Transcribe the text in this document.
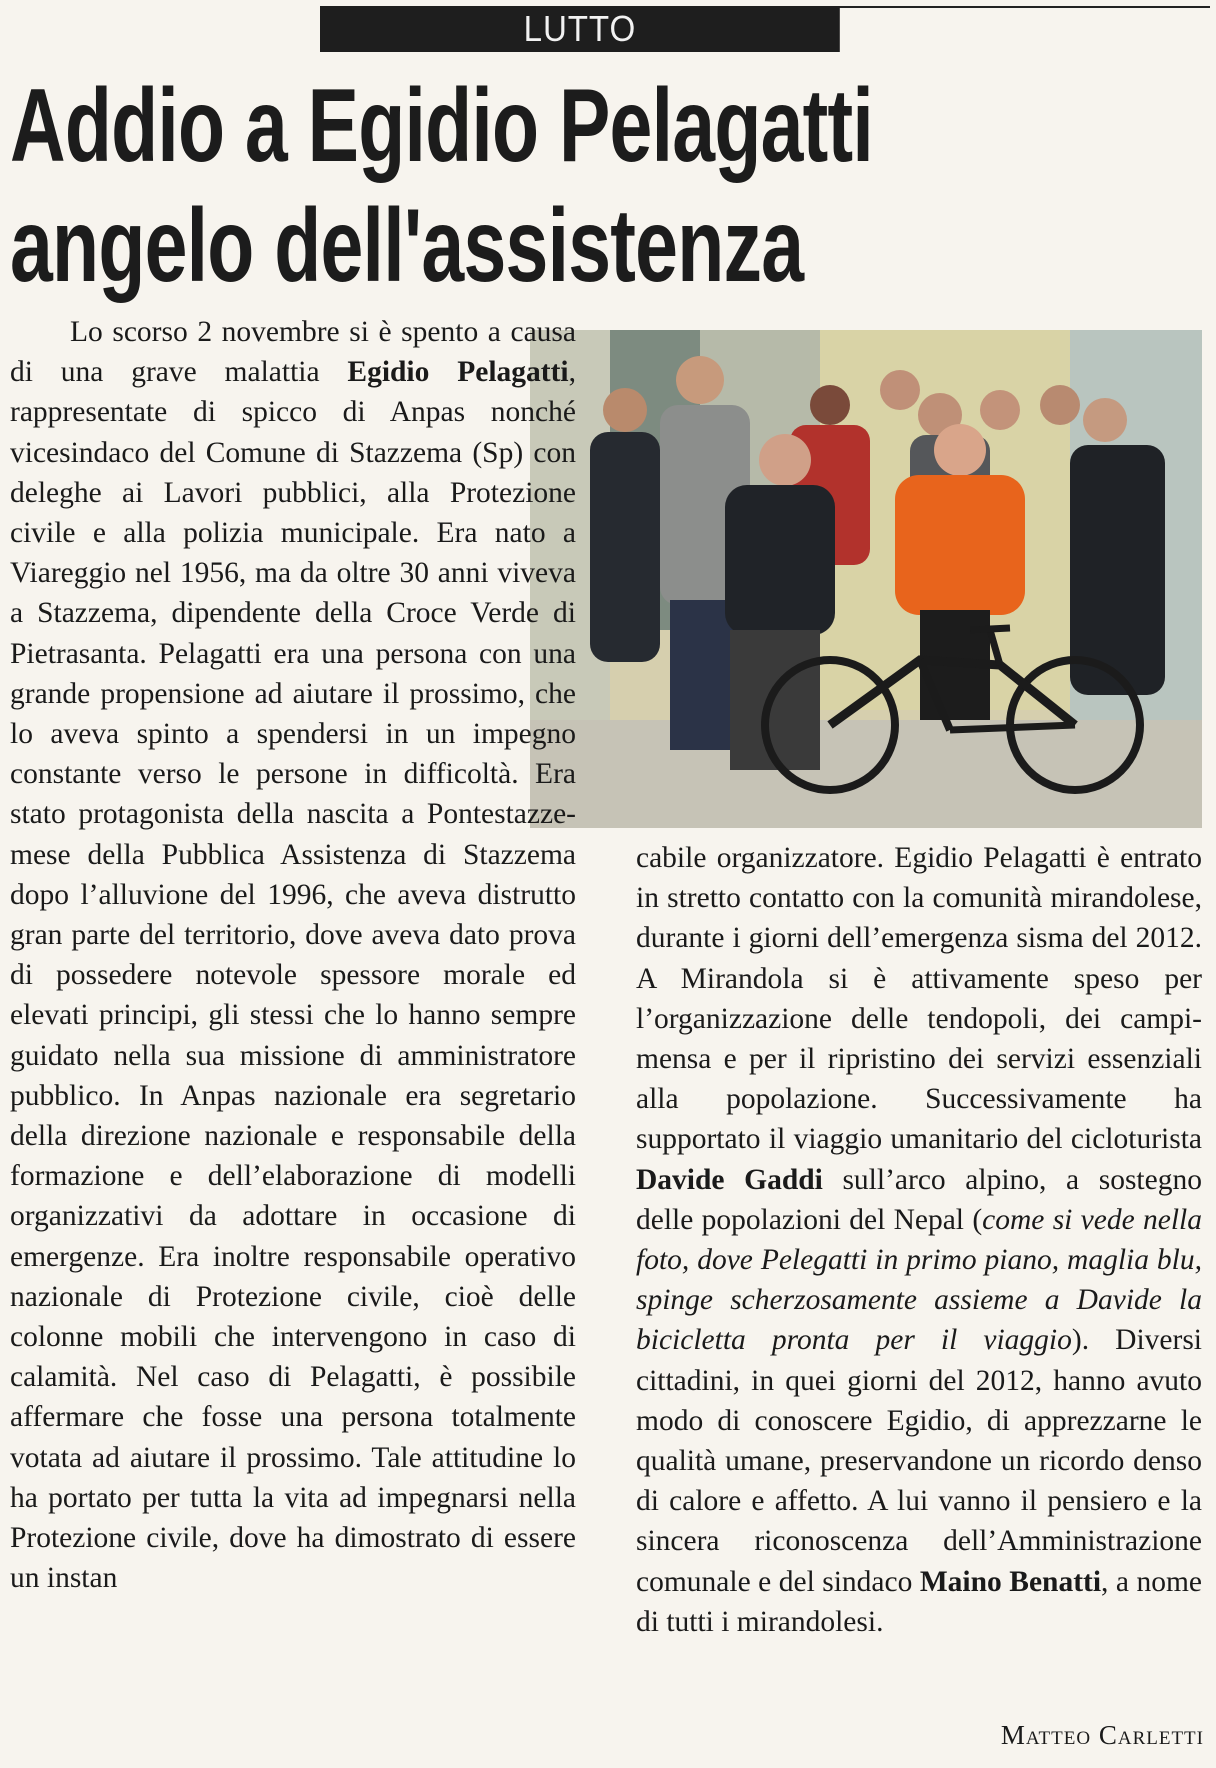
LUTTO
Addio a Egidio Pelagatti
angelo dell'assistenza
Lo scorso 2 novembre si è spento a causa di una grave malattia Egidio Pelagatti, rappresentate di spicco di Anpas nonché vicesindaco del Comune di Stazzema (Sp) con deleghe ai Lavori pubblici, alla Protezione civile e alla polizia municipale. Era nato a Viareggio nel 1956, ma da oltre 30 anni viveva a Stazzema, dipendente della Croce Verde di Pietrasanta. Pelagatti era una persona con una grande propensione ad aiutare il prossimo, che lo aveva spinto a spendersi in un impegno constante verso le persone in difficoltà. Era stato protagonista della nascita a Pontestazzemese della Pubblica Assistenza di Stazzema dopo l’alluvione del 1996, che aveva distrutto gran parte del territorio, dove aveva dato prova di possedere notevole spessore morale ed elevati principi, gli stessi che lo hanno sempre guidato nella sua missione di amministratore pubblico. In Anpas nazionale era segretario della direzione nazionale e responsabile della formazione e dell’elaborazione di modelli organizzativi da adottare in occasione di emergenze. Era inoltre responsabile operativo nazionale di Protezione civile, cioè delle colonne mobili che intervengono in caso di calamità. Nel caso di Pelagatti, è possibile affermare che fosse una persona totalmente votata ad aiutare il prossimo. Tale attitudine lo ha portato per tutta la vita ad impegnarsi nella Protezione civile, dove ha dimostrato di essere un instan
cabile organizzatore. Egidio Pelagatti è entrato in stretto contatto con la comunità mirandolese, durante i giorni dell’emergenza sisma del 2012. A Mirandola si è attivamente speso per l’organizzazione delle tendopoli, dei campi-mensa e per il ripristino dei servizi essenziali alla popolazione. Successivamente ha supportato il viaggio umanitario del cicloturista Davide Gaddi sull’arco alpino, a sostegno delle popolazioni del Nepal (come si vede nella foto, dove Pelegatti in primo piano, maglia blu, spinge scherzosamente assieme a Davide la bicicletta pronta per il viaggio). Diversi cittadini, in quei giorni del 2012, hanno avuto modo di conoscere Egidio, di apprezzarne le qualità umane, preservandone un ricordo denso di calore e affetto. A lui vanno il pensiero e la sincera riconoscenza dell’Amministrazione comunale e del sindaco Maino Benatti, a nome di tutti i mirandolesi.
Matteo Carletti
